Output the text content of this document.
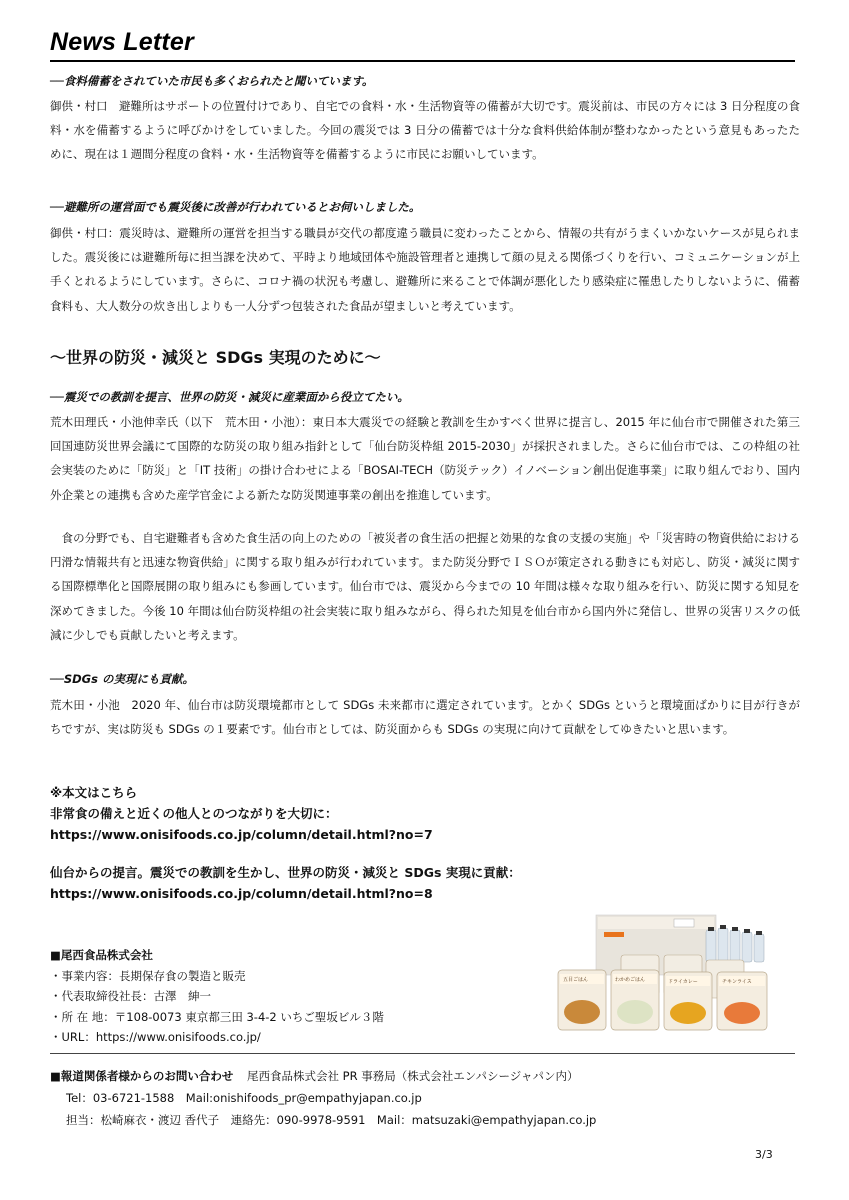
News Letter
──食料備蓄をされていた市民も多くおられたと聞いています。
御供・村口　避難所はサポートの位置付けであり、自宅での食料・水・生活物資等の備蓄が大切です。震災前は、市民の方々には 3 日分程度の食料・水を備蓄するように呼びかけをしていました。今回の震災では 3 日分の備蓄では十分な食料供給体制が整わなかったという意見もあったために、現在は１週間分程度の食料・水・生活物資等を備蓄するように市民にお願いしています。
──避難所の運営面でも震災後に改善が行われているとお伺いしました。
御供・村口：震災時は、避難所の運営を担当する職員が交代の都度違う職員に変わったことから、情報の共有がうまくいかないケースが見られました。震災後には避難所毎に担当課を決めて、平時より地域団体や施設管理者と連携して顔の見える関係づくりを行い、コミュニケーションが上手くとれるようにしています。さらに、コロナ禍の状況も考慮し、避難所に来ることで体調が悪化したり感染症に罹患したりしないように、備蓄食料も、大人数分の炊き出しよりも一人分ずつ包装された食品が望ましいと考えています。
～世界の防災・減災と SDGs 実現のために～
──震災での教訓を提言、世界の防災・減災に産業面から役立てたい。
荒木田理氏・小池伸幸氏（以下　荒木田・小池）：東日本大震災での経験と教訓を生かすべく世界に提言し、2015 年に仙台市で開催された第三回国連防災世界会議にて国際的な防災の取り組み指針として「仙台防災枠組 2015-2030」が採択されました。さらに仙台市では、この枠組の社会実装のために「防災」と「IT 技術」の掛け合わせによる「BOSAI-TECH（防災テック）イノベーション創出促進事業」に取り組んでおり、国内外企業との連携も含めた産学官金による新たな防災関連事業の創出を推進しています。
　食の分野でも、自宅避難者も含めた食生活の向上のための「被災者の食生活の把握と効果的な食の支援の実施」や「災害時の物資供給における円滑な情報共有と迅速な物資供給」に関する取り組みが行われています。また防災分野でＩＳＯが策定される動きにも対応し、防災・減災に関する国際標準化と国際展開の取り組みにも参画しています。仙台市では、震災から今までの 10 年間は様々な取り組みを行い、防災に関する知見を深めてきました。今後 10 年間は仙台防災枠組の社会実装に取り組みながら、得られた知見を仙台市から国内外に発信し、世界の災害リスクの低減に少しでも貢献したいと考えます。
──SDGs の実現にも貢献。
荒木田・小池　2020 年、仙台市は防災環境都市として SDGs 未来都市に選定されています。とかく SDGs というと環境面ばかりに目が行きがちですが、実は防災も SDGs の１要素です。仙台市としては、防災面からも SDGs の実現に向けて貢献をしてゆきたいと思います。
※本文はこちら
非常食の備えと近くの他人とのつながりを大切に：
https://www.onisifoods.co.jp/column/detail.html?no=7
仙台からの提言。震災での教訓を生かし、世界の防災・減災と SDGs 実現に貢献：
https://www.onisifoods.co.jp/column/detail.html?no=8
■尾西食品株式会社
・事業内容：長期保存食の製造と販売
・代表取締役社長：古澤　紳一
・所 在 地：〒108-0073 東京都三田 3-4-2 いちご聖坂ビル３階
・URL：https://www.onisifoods.co.jp/
五目ごはん	わかめごはん	ドライカレー	チキンライス
■報道関係者様からのお問い合わせ 尾西食品株式会社 PR 事務局（株式会社エンパシージャパン内）
Tel：03-6721-1588　Mail:onishifoods_pr@empathyjapan.co.jp
担当：松崎麻衣・渡辺 香代子　連絡先：090-9978-9591　Mail：matsuzaki@empathyjapan.co.jp
3/3
